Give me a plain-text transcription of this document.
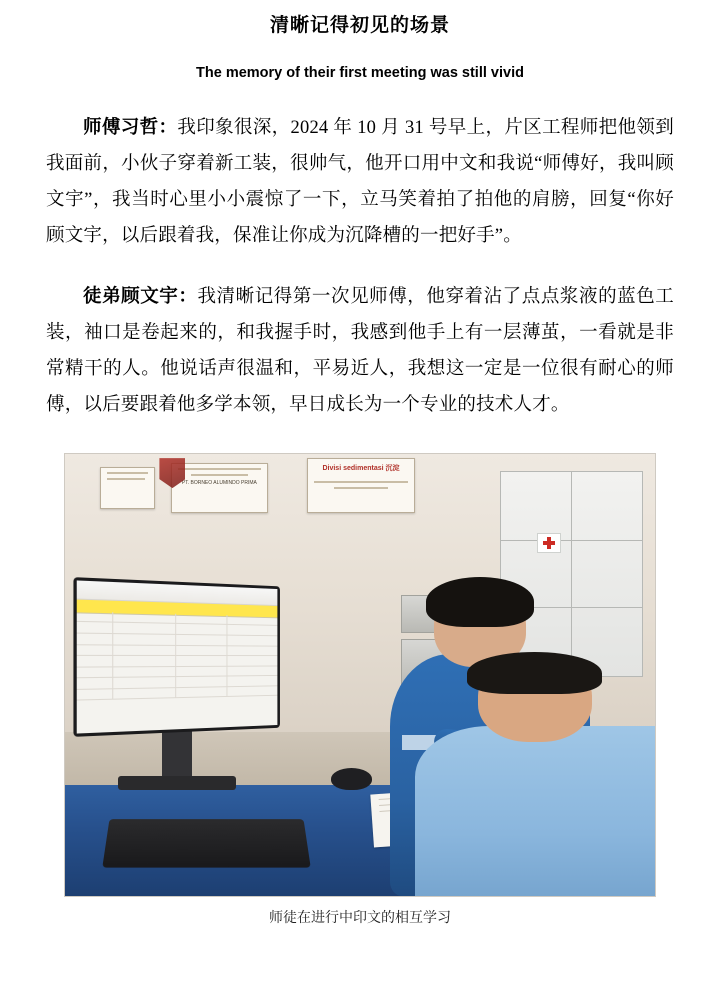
清晰记得初见的场景
The memory of their first meeting was still vivid

师傅习哲：我印象很深，2024 年 10 月 31 号早上，片区工程师把他领到我面前，小伙子穿着新工装，很帅气，他开口用中文和我说“师傅好，我叫顾文宇”，我当时心里小小震惊了一下，立马笑着拍了拍他的肩膀，回复“你好顾文宇，以后跟着我，保准让你成为沉降槽的一把好手”。

徒弟顾文宇：我清晰记得第一次见师傅，他穿着沾了点点浆液的蓝色工装，袖口是卷起来的，和我握手时，我感到他手上有一层薄茧，一看就是非常精干的人。他说话声很温和，平易近人，我想这一定是一位很有耐心的师傅，以后要跟着他多学本领，早日成长为一个专业的技术人才。

PT. BORNEO ALUMINDO PRIMA
Divisi sedimentasi 沉淀
师徒在进行中印文的相互学习
